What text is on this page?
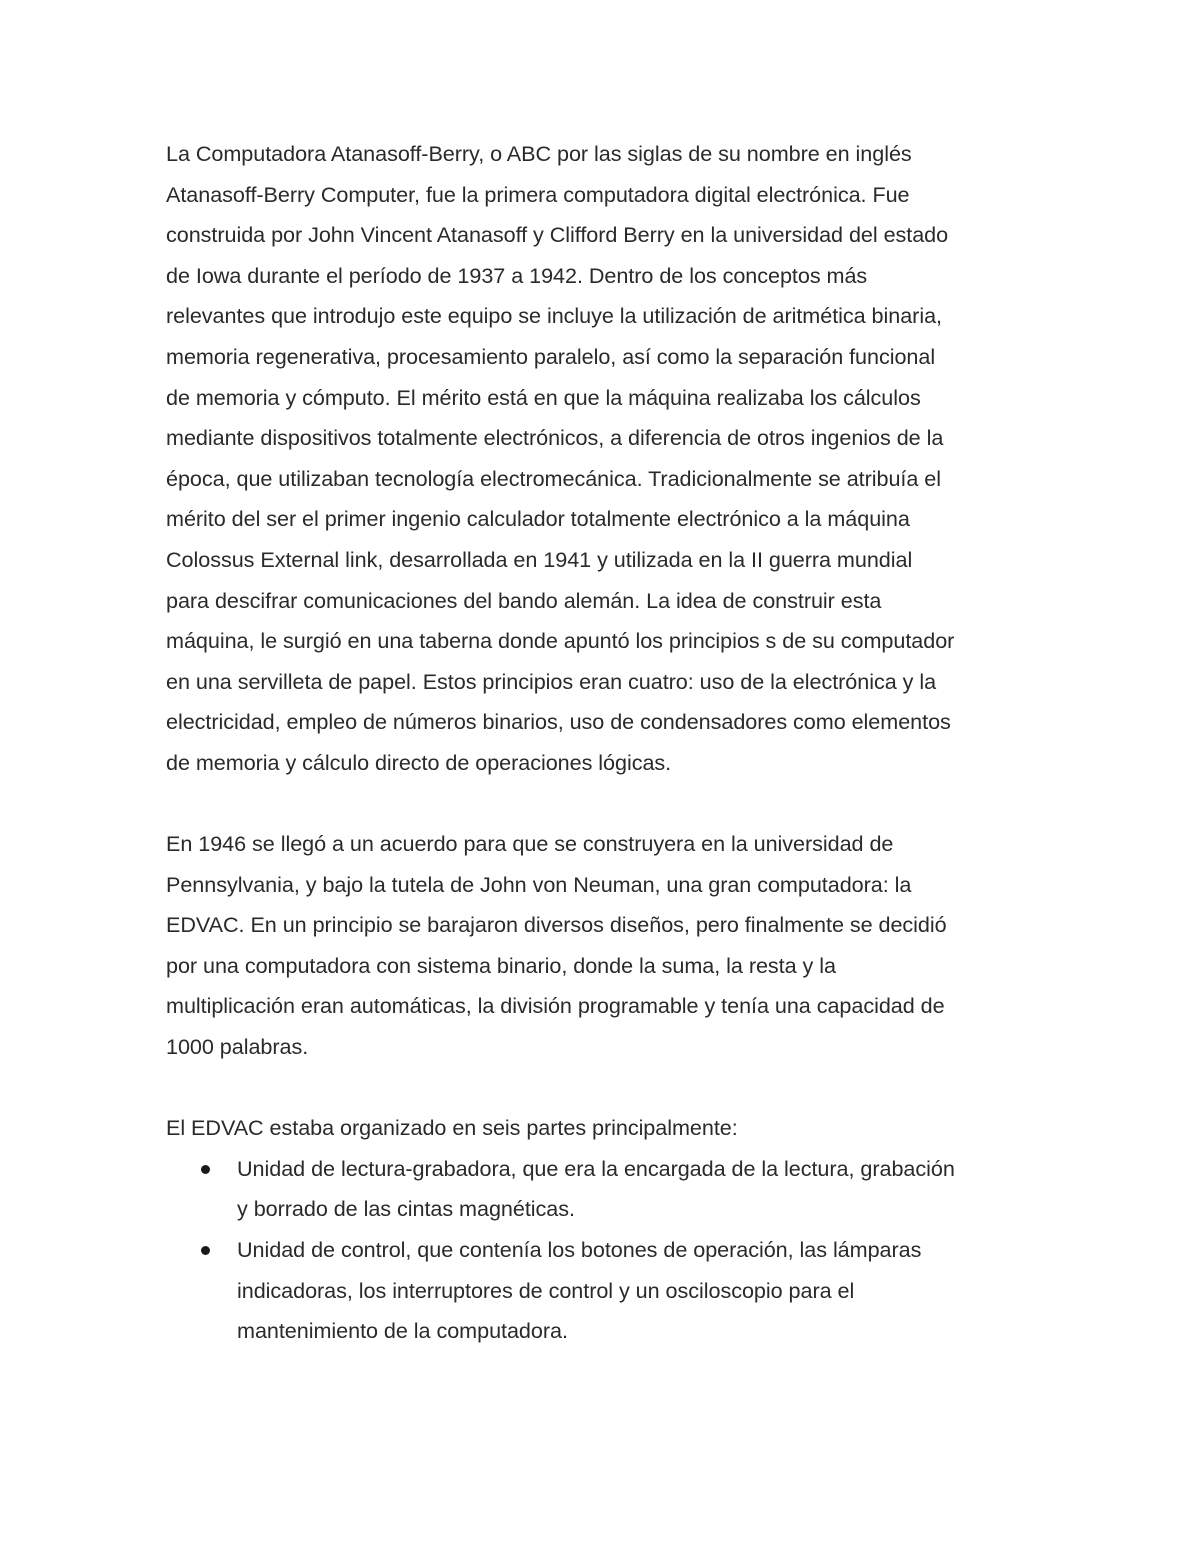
La Computadora Atanasoff-Berry, o ABC por las siglas de su nombre en inglés
Atanasoff-Berry Computer, fue la primera computadora digital electrónica. Fue
construida por John Vincent Atanasoff y Clifford Berry en la universidad del estado
de Iowa durante el período de 1937 a 1942. Dentro de los conceptos más
relevantes que introdujo este equipo se incluye la utilización de aritmética binaria,
memoria regenerativa, procesamiento paralelo, así como la separación funcional
de memoria y cómputo. El mérito está en que la máquina realizaba los cálculos
mediante dispositivos totalmente electrónicos, a diferencia de otros ingenios de la
época, que utilizaban tecnología electromecánica. Tradicionalmente se atribuía el
mérito del ser el primer ingenio calculador totalmente electrónico a la máquina
Colossus External link, desarrollada en 1941 y utilizada en la II guerra mundial
para descifrar comunicaciones del bando alemán. La idea de construir esta
máquina, le surgió en una taberna donde apuntó los principios s de su computador
en una servilleta de papel. Estos principios eran cuatro: uso de la electrónica y la
electricidad, empleo de números binarios, uso de condensadores como elementos
de memoria y cálculo directo de operaciones lógicas.

En 1946 se llegó a un acuerdo para que se construyera en la universidad de
Pennsylvania, y bajo la tutela de John von Neuman, una gran computadora: la
EDVAC. En un principio se barajaron diversos diseños, pero finalmente se decidió
por una computadora con sistema binario, donde la suma, la resta y la
multiplicación eran automáticas, la división programable y tenía una capacidad de
1000 palabras.

El EDVAC estaba organizado en seis partes principalmente:

Unidad de lectura-grabadora, que era la encargada de la lectura, grabación
y borrado de las cintas magnéticas.
Unidad de control, que contenía los botones de operación, las lámparas
indicadoras, los interruptores de control y un osciloscopio para el
mantenimiento de la computadora.
